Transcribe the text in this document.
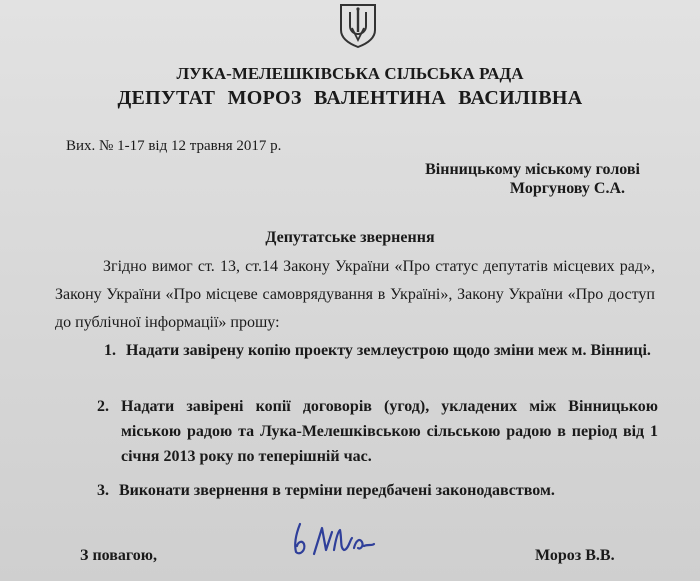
ЛУКА-МЕЛЕШКІВСЬКА СІЛЬСЬКА РАДА
ДЕПУТАТ МОРОЗ ВАЛЕНТИНА ВАСИЛІВНА
Вих. № 1-17 від 12 травня 2017 р.
Вінницькому міському голові
Моргунову С.А.
Депутатське звернення

Згідно вимог ст. 13, ст.14 Закону України «Про статус депутатів місцевих рад», Закону України «Про місцеве самоврядування в Україні», Закону України «Про доступ до публічної інформації» прошу:

1. Надати завірену копію проекту землеустрою щодо зміни меж м. Вінниці.
2. Надати завірені копії договорів (угод), укладених між Вінницькою міською радою та Лука-Мелешківською сільською радою в період від 1 січня 2013 року по теперішній час.
3. Виконати звернення в терміни передбачені законодавством.
З повагою,	Мороз В.В.
